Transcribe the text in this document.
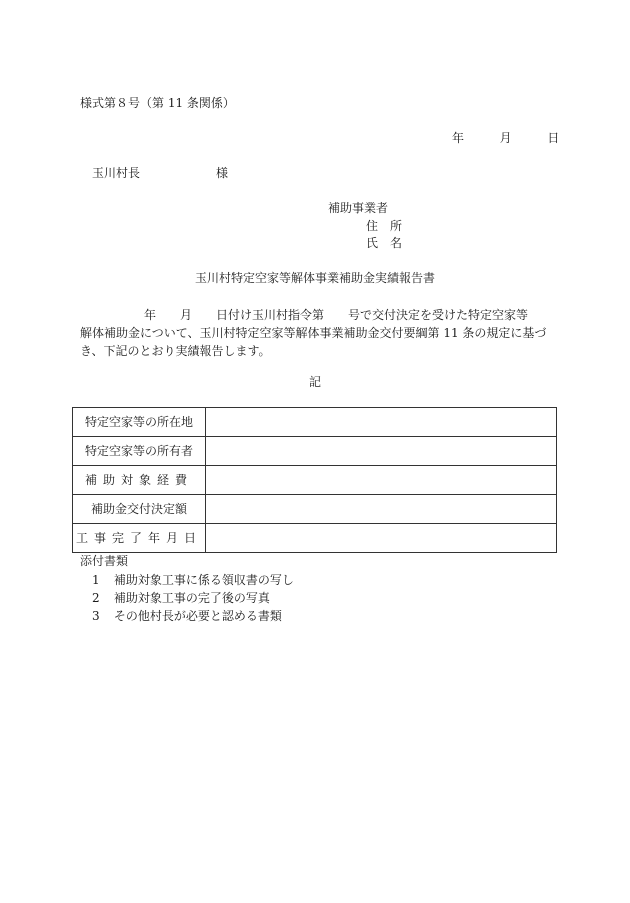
様式第８号（第 11 条関係）
年	月	日
玉川村長	様
補助事業者
住　所
氏　名
玉川村特定空家等解体事業補助金実績報告書

年　　月　　日付け玉川村指令第　　号で交付決定を受けた特定空家等

解体補助金について、玉川村特定空家等解体事業補助金交付要綱第 11 条の規定に基づ

き、下記のとおり実績報告します。

記
特定空家等の所在地	
特定空家等の所有者	
補助対象経費	
補助金交付決定額	
工事完了年月日	
添付書類
1 補助対象工事に係る領収書の写し
2 補助対象工事の完了後の写真
3 その他村長が必要と認める書類
